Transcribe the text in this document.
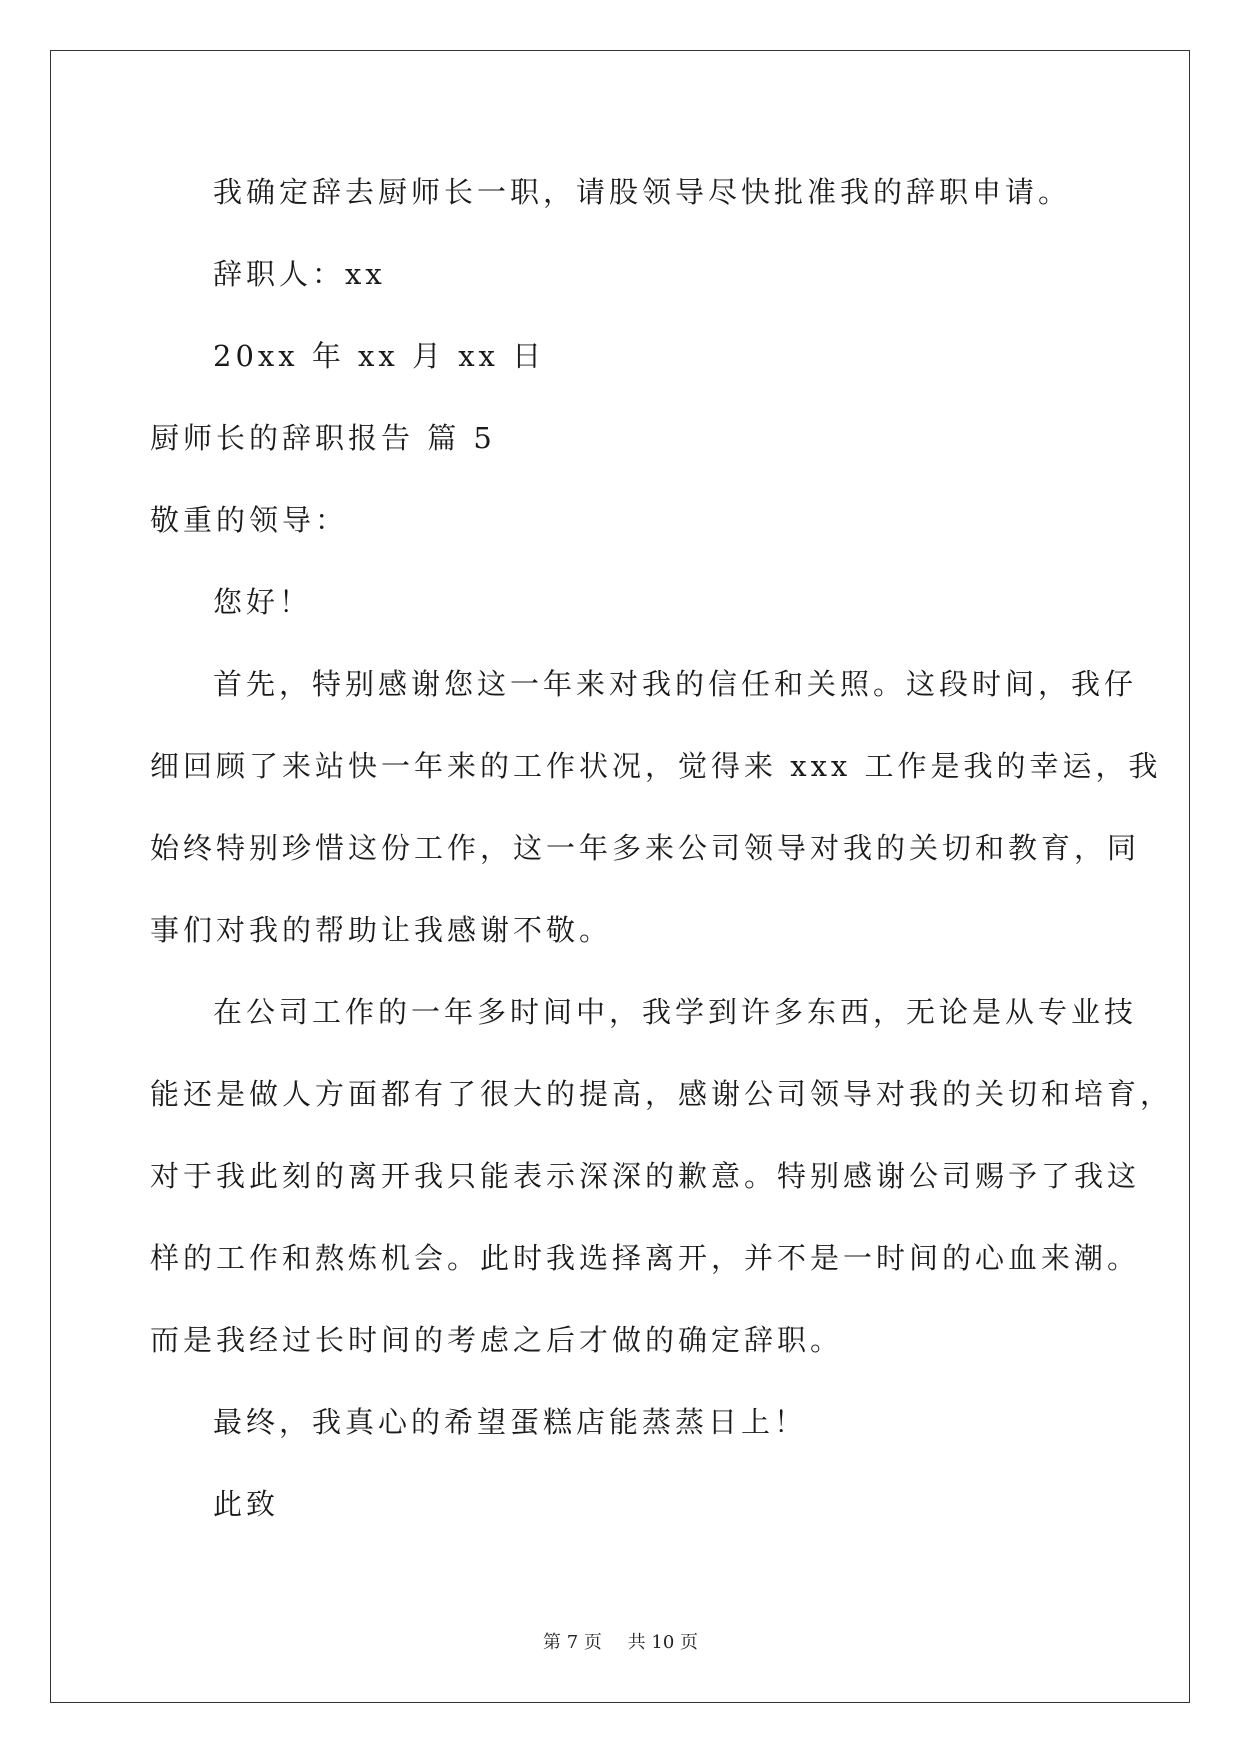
我确定辞去厨师长一职，请股领导尽快批准我的辞职申请。
辞职人：xx
20xx 年 xx 月 xx 日
厨师长的辞职报告 篇 5
敬重的领导：
您好！
首先，特别感谢您这一年来对我的信任和关照。这段时间，我仔
细回顾了来站快一年来的工作状况，觉得来 xxx 工作是我的幸运，我
始终特别珍惜这份工作，这一年多来公司领导对我的关切和教育，同
事们对我的帮助让我感谢不敬。
在公司工作的一年多时间中，我学到许多东西，无论是从专业技
能还是做人方面都有了很大的提高，感谢公司领导对我的关切和培育，
对于我此刻的离开我只能表示深深的歉意。特别感谢公司赐予了我这
样的工作和熬炼机会。此时我选择离开，并不是一时间的心血来潮。
而是我经过长时间的考虑之后才做的确定辞职。
最终，我真心的希望蛋糕店能蒸蒸日上！
此致
第 7 页 共 10 页
